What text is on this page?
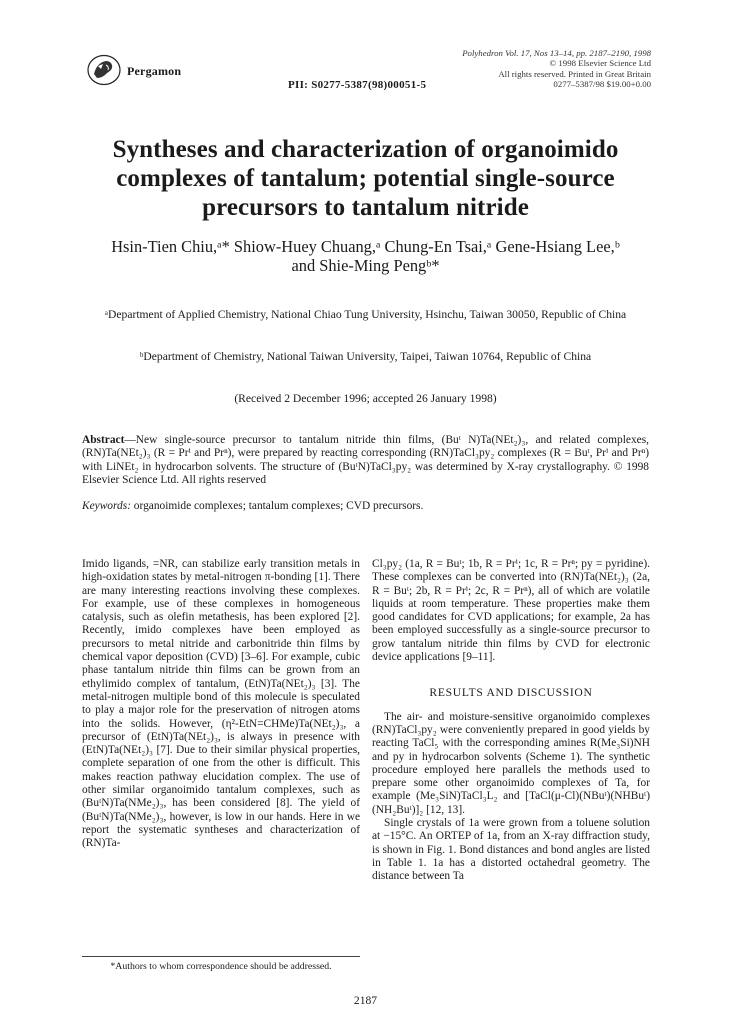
Pergamon
PII: S0277-5387(98)00051-5
Polyhedron Vol. 17, Nos 13–14, pp. 2187–2190, 1998
© 1998 Elsevier Science Ltd
All rights reserved. Printed in Great Britain
0277–5387/98 $19.00+0.00
Syntheses and characterization of organoimido
complexes of tantalum; potential single-source
precursors to tantalum nitride
Hsin-Tien Chiu,ᵃ* Shiow-Huey Chuang,ᵃ Chung-En Tsai,ᵃ Gene-Hsiang Lee,ᵇ
and Shie-Ming Pengᵇ*
ᵃDepartment of Applied Chemistry, National Chiao Tung University, Hsinchu, Taiwan 30050, Republic of China
ᵇDepartment of Chemistry, National Taiwan University, Taipei, Taiwan 10764, Republic of China
(Received 2 December 1996; accepted 26 January 1998)
Abstract—New single-source precursor to tantalum nitride thin films, (Buᵗ N)Ta(NEt₂)₃, and related complexes, (RN)Ta(NEt₂)₃ (R = Prⁱ and Prⁿ), were prepared by reacting corresponding (RN)TaCl₃py₂ complexes (R = Buᵗ, Prⁱ and Prⁿ) with LiNEt₂ in hydrocarbon solvents. The structure of (BuᵗN)TaCl₃py₂ was determined by X-ray crystallography. © 1998 Elsevier Science Ltd. All rights reserved
Keywords: organoimide complexes; tantalum complexes; CVD precursors.

Imido ligands, =NR, can stabilize early transition metals in high-oxidation states by metal-nitrogen π-bonding [1]. There are many interesting reactions involving these complexes. For example, use of these complexes in homogeneous catalysis, such as olefin metathesis, has been explored [2]. Recently, imido complexes have been employed as precursors to metal nitride and carbonitride thin films by chemical vapor deposition (CVD) [3–6]. For example, cubic phase tantalum nitride thin films can be grown from an ethylimido complex of tantalum, (EtN)Ta(NEt₂)₃ [3]. The metal-nitrogen multiple bond of this molecule is speculated to play a major role for the preservation of nitrogen atoms into the solids. However, (η²-EtN=CHMe)Ta(NEt₂)₃, a precursor of (EtN)Ta(NEt₂)₃, is always in presence with (EtN)Ta(NEt₂)₃ [7]. Due to their similar physical properties, complete separation of one from the other is difficult. This makes reaction pathway elucidation complex. The use of other similar organoimido tantalum complexes, such as (BuᵗN)Ta(NMe₂)₃, has been considered [8]. The yield of (BuᵗN)Ta(NMe₂)₃, however, is low in our hands. Here in we report the systematic syntheses and characterization of (RN)Ta-

Cl₃py₂ (1a, R = Buᵗ; 1b, R = Prⁱ; 1c, R = Prⁿ; py = pyridine). These complexes can be converted into (RN)Ta(NEt₂)₃ (2a, R = Buᵗ; 2b, R = Prⁱ; 2c, R = Prⁿ), all of which are volatile liquids at room temperature. These properties make them good candidates for CVD applications; for example, 2a has been employed successfully as a single-source precursor to grow tantalum nitride thin films by CVD for electronic device applications [9–11].

RESULTS AND DISCUSSION

The air- and moisture-sensitive organoimido complexes (RN)TaCl₃py₂ were conveniently prepared in good yields by reacting TaCl₅ with the corresponding amines R(Me₃Si)NH and py in hydrocarbon solvents (Scheme 1). The synthetic procedure employed here parallels the methods used to prepare some other organoimido complexes of Ta, for example (Me₃SiN)TaCl₃L₂ and [TaCl(μ-Cl)(NBuᵗ)(NHBuᵗ)(NH₂Buᵗ)]₂ [12, 13].

Single crystals of 1a were grown from a toluene solution at −15°C. An ORTEP of 1a, from an X-ray diffraction study, is shown in Fig. 1. Bond distances and bond angles are listed in Table 1. 1a has a distorted octahedral geometry. The distance between Ta

*Authors to whom correspondence should be addressed.
2187
